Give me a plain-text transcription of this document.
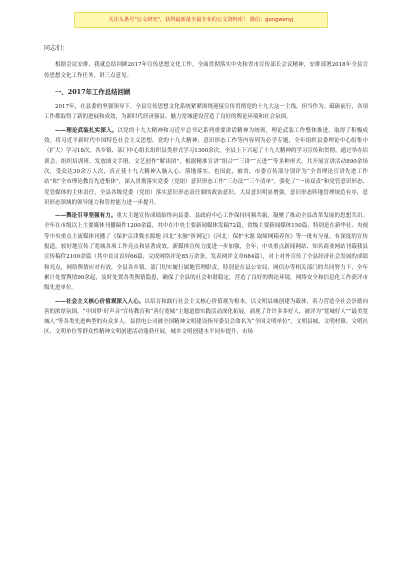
关注头条号"公文研究"，获得最新最全最专业的公文资料库！ 微信：gongwenyj
同志们：

根据会议安排，我就总结回顾2017年宣传思想文化工作，全面贯彻落实中央和省市宣传部长会议精神，安排部署2018年全县宣传思想文化工作任务，讲三点意见。

一、2017年工作总结回顾

2017年，在县委的坚强领导下，全县宣传思想文化系统紧紧围绕迎接宣传贯彻党的十九大这一主线，担当作为、砥砺前行，各项工作都取得了新的进展和成效，为新时代经济强县、魅力宽城建设营造了良好的舆论环境和社会氛围。

——理论武装扎实深入。以党的十九大精神和习近平总书记系列重要讲话精神为统领，理论武装工作整体推进，取得了积极成效。将习近平新时代中国特色社会主义思想、党的十九大精神、意识形态工作等内容列为必学专题，全年组织县委理论中心组集中（扩大）学习18次，各乡镇、部门中心组长组织县类形式学习1300余次，全县上下兴起了十九大精神的学习宣传和贯彻。通过举办培训会、组织培训班、发放图文手册、文艺创作“解读团”，根据精准宣讲“组合”“三讲”“五进”“等多种形式，共开展宣讲活动890余场次，受众达30余万人次，真正使十九大精神入脑入心、落地落实。也因此，被省、市委宣传部分别评为“全省理论宣讲先进工作站”和“全市理论教育先进集体”，深入贯彻落实党委（党组）意识形态工作“三办法”“三个清单”，强化了“一岗双责”和党管意识形态、党管媒体的主体责任，全县各级党委（党组）落实意识形态责任制的政治意识、大局意识明显增强，意识形态阵地管理规范有序，意识形态领域的领导能力和管控能力进一步提升。

——舆论引导坚强有力。重大主题宣传成绩始终向县委、县政府中心工作保持同频共振，凝聚了推动全县改革发展的思想共识。全年在市级以上主要媒体刊播稿件1200余篇，其中在中央主要新闻媒体发稿72篇，省级主要新闻媒体150篇，特别是在新华社、央视等中央重点主流媒体刊播了《保护京津冀水源地 河北“水脉”折网记》《河北：保护水源 取缔网箱养鱼》等一批有分量、有深度的宣传报道，较好地宣传了宽城各项工作亮点和显著成效。新媒体宣传力度进一步加强，全年，中央重点新闻网站、知名商业网站刊载我县宣传稿件2100余篇（其中首页首屏66篇，完成网络评论85万余条，发表网评文章684篇），对上对外宣传了全县经济社会发展的成绩和亮点，网络舆情应对有效，全县各乡镇、部门切实履行属地管理职责，特别是在县公安局、网信办等相关部门的共同努力下，全年累计处置舆情90余起，及时处置各类舆情隐患，确保了全县的社会和谐稳定，营造了良好的舆论环境。网络安全和信息化工作获评市级先进单位。

——社会主义核心价值观深入人心。以培育和践行社会主义核心价值观为根本，以文明县城创建为载体，着力营造全社会崇德向善的浓厚氛围。“中国梦·好声音”宣传教育和“善行宽城”主题道德实践活动深化拓展，涌现了许许多多好人，被评为“宽城好人”“最美宽城人”等各类先进典型的有众多人。县供电公司被全国精神文明建设指导委员会命名为“全国文明单位”，文明县城、文明村镇、文明社区、文明单位等群众性精神文明创建活动蓬勃开展，城乡文明创建水平同步提升，市场
